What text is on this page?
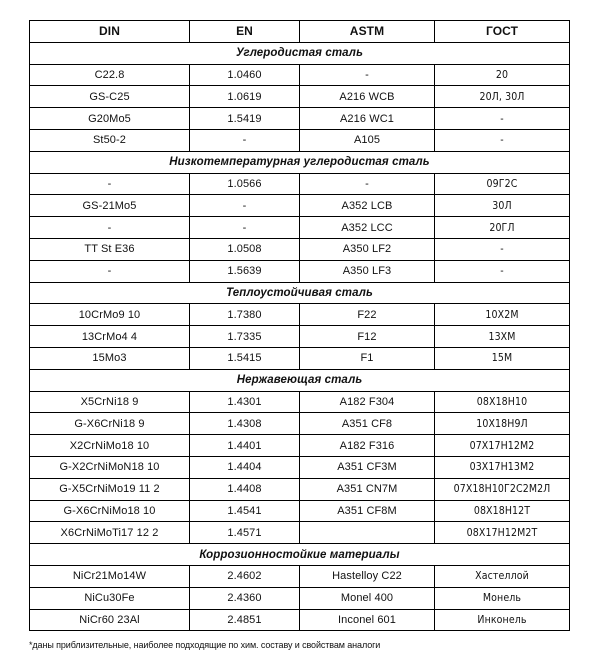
DIN	EN	ASTM	ГОСТ
Углеродистая сталь			
C22.8	1.0460	-	20
GS-C25	1.0619	A216 WCB	20Л, 30Л
G20Mo5	1.5419	A216 WC1	-
St50-2	-	A105	-
Низкотемпературная углеродистая сталь			
-	1.0566	-	09Г2С
GS-21Mo5	-	A352 LCB	30Л
-	-	A352 LCC	20ГЛ
TT St E36	1.0508	A350 LF2	-
-	1.5639	A350 LF3	-
Теплоустойчивая сталь			
10CrMo9 10	1.7380	F22	10Х2М
13CrMo4 4	1.7335	F12	13ХМ
15Mo3	1.5415	F1	15М
Нержавеющая сталь			
X5CrNi18 9	1.4301	A182 F304	08Х18Н10
G-X6CrNi18 9	1.4308	A351 CF8	10Х18Н9Л
X2CrNiMo18 10	1.4401	A182 F316	07Х17Н12М2
G-X2CrNiMoN18 10	1.4404	A351 CF3M	03Х17Н13М2
G-X5CrNiMo19 11 2	1.4408	A351 CN7M	07Х18Н10Г2С2М2Л
G-X6CrNiMo18 10	1.4541	A351 CF8M	08Х18Н12Т
X6CrNiMoTi17 12 2	1.4571		08Х17Н12М2Т
Коррозионностойкие материалы			
NiCr21Mo14W	2.4602	Hastelloy C22	Хастеллой
NiCu30Fe	2.4360	Monel 400	Монель
NiCr60 23Al	2.4851	Inconel 601	Инконель
*даны приблизительные, наиболее подходящие по хим. составу и свойствам аналоги
